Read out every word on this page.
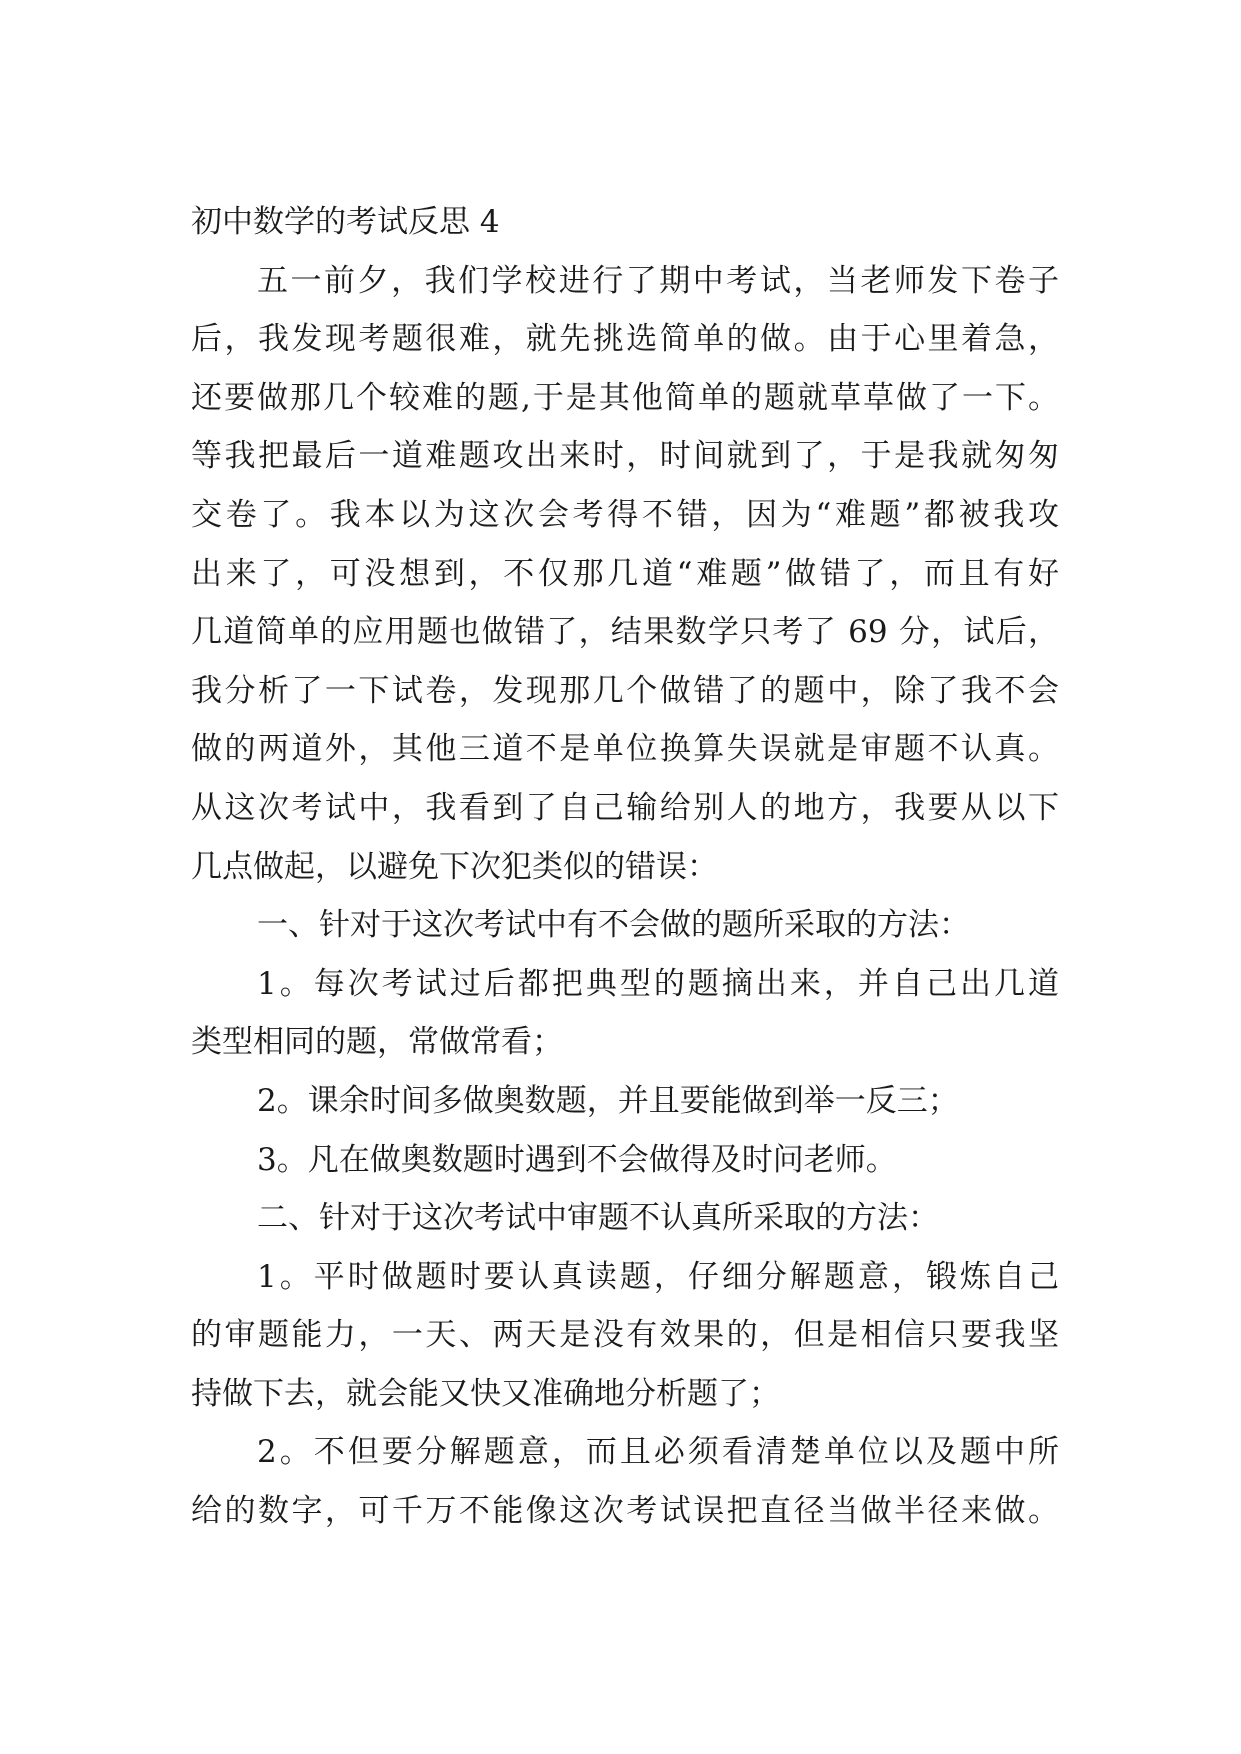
初中数学的考试反思 4
五一前夕，我们学校进行了期中考试，当老师发下卷子
后，我发现考题很难，就先挑选简单的做。由于心里着急，
还要做那几个较难的题,于是其他简单的题就草草做了一下。
等我把最后一道难题攻出来时，时间就到了，于是我就匆匆
交卷了。我本以为这次会考得不错，因为“难题”都被我攻
出来了，可没想到，不仅那几道“难题”做错了，而且有好
几道简单的应用题也做错了，结果数学只考了 69 分，试后，
我分析了一下试卷，发现那几个做错了的题中，除了我不会
做的两道外，其他三道不是单位换算失误就是审题不认真。
从这次考试中，我看到了自己输给别人的地方，我要从以下
几点做起，以避免下次犯类似的错误：
一、针对于这次考试中有不会做的题所采取的方法：
1。每次考试过后都把典型的题摘出来，并自己出几道
类型相同的题，常做常看；
2。课余时间多做奥数题，并且要能做到举一反三；
3。凡在做奥数题时遇到不会做得及时问老师。
二、针对于这次考试中审题不认真所采取的方法：
1。平时做题时要认真读题，仔细分解题意，锻炼自己
的审题能力，一天、两天是没有效果的，但是相信只要我坚
持做下去，就会能又快又准确地分析题了；
2。不但要分解题意，而且必须看清楚单位以及题中所
给的数字，可千万不能像这次考试误把直径当做半径来做。
